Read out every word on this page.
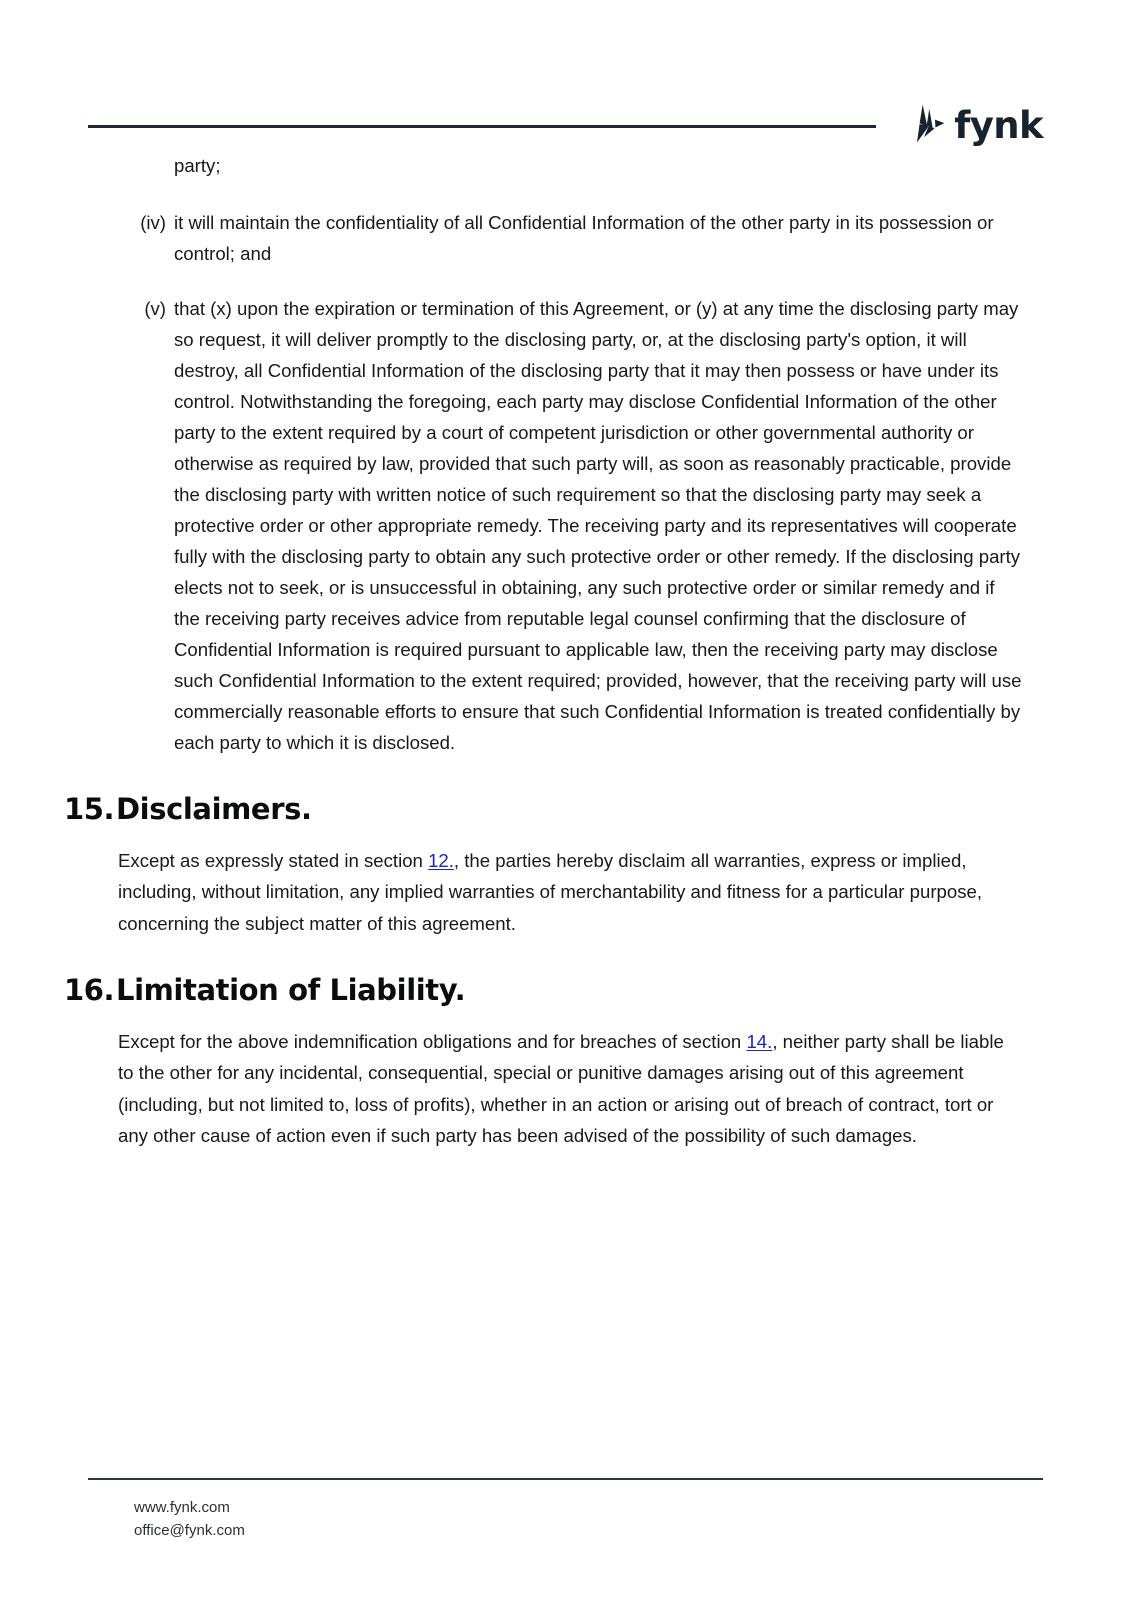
fynk

party;

(iv) it will maintain the confidentiality of all Confidential Information of the other party in its possession or control; and
(v) that (x) upon the expiration or termination of this Agreement, or (y) at any time the disclosing party may so request, it will deliver promptly to the disclosing party, or, at the disclosing party's option, it will destroy, all Confidential Information of the disclosing party that it may then possess or have under its control. Notwithstanding the foregoing, each party may disclose Confidential Information of the other party to the extent required by a court of competent jurisdiction or other governmental authority or otherwise as required by law, provided that such party will, as soon as reasonably practicable, provide the disclosing party with written notice of such requirement so that the disclosing party may seek a protective order or other appropriate remedy. The receiving party and its representatives will cooperate fully with the disclosing party to obtain any such protective order or other remedy. If the disclosing party elects not to seek, or is unsuccessful in obtaining, any such protective order or similar remedy and if the receiving party receives advice from reputable legal counsel confirming that the disclosure of Confidential Information is required pursuant to applicable law, then the receiving party may disclose such Confidential Information to the extent required; provided, however, that the receiving party will use commercially reasonable efforts to ensure that such Confidential Information is treated confidentially by each party to which it is disclosed.
15. Disclaimers.

Except as expressly stated in section 12., the parties hereby disclaim all warranties, express or implied, including, without limitation, any implied warranties of merchantability and fitness for a particular purpose, concerning the subject matter of this agreement.

16. Limitation of Liability.

Except for the above indemnification obligations and for breaches of section 14., neither party shall be liable to the other for any incidental, consequential, special or punitive damages arising out of this agreement (including, but not limited to, loss of profits), whether in an action or arising out of breach of contract, tort or any other cause of action even if such party has been advised of the possibility of such damages.

www.fynk.com
office@fynk.com
